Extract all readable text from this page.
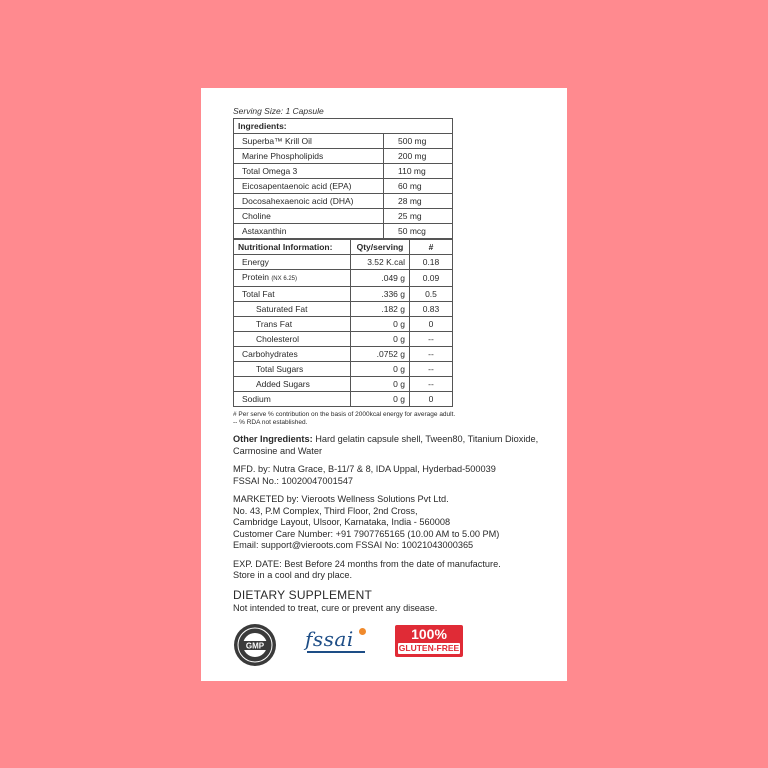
Serving Size: 1 Capsule
Ingredients:	
Superba™ Krill Oil	500 mg
Marine Phospholipids	200 mg
Total Omega 3	110 mg
Eicosapentaenoic acid (EPA)	60 mg
Docosahexaenoic acid (DHA)	28 mg
Choline	25 mg
Astaxanthin	50 mcg
Nutritional Information:	Qty/serving	#
Energy	3.52 K.cal	0.18
Protein (NX 6.25)	.049 g	0.09
Total Fat	.336 g	0.5
Saturated Fat	.182 g	0.83
Trans Fat	0 g	0
Cholesterol	0 g	--
Carbohydrates	.0752 g	--
Total Sugars	0 g	--
Added Sugars	0 g	--
Sodium	0 g	0
# Per serve % contribution on the basis of 2000kcal energy for average adult.
-- % RDA not established.
Other Ingredients: Hard gelatin capsule shell, Tween80, Titanium Dioxide, Carmosine and Water
MFD. by: Nutra Grace, B-11/7 & 8, IDA Uppal, Hyderbad-500039
FSSAI No.: 10020047001547
MARKETED by: Vieroots Wellness Solutions Pvt Ltd.
No. 43, P.M Complex, Third Floor, 2nd Cross,
Cambridge Layout, Ulsoor, Karnataka, India - 560008
Customer Care Number: +91 7907765165 (10.00 AM to 5.00 PM)
Email: support@vieroots.com FSSAI No: 10021043000365
EXP. DATE: Best Before 24 months from the date of manufacture.
Store in a cool and dry place.
DIETARY SUPPLEMENT
Not intended to treat, cure or prevent any disease.
GMP fssai	100%
GLUTEN-FREE
